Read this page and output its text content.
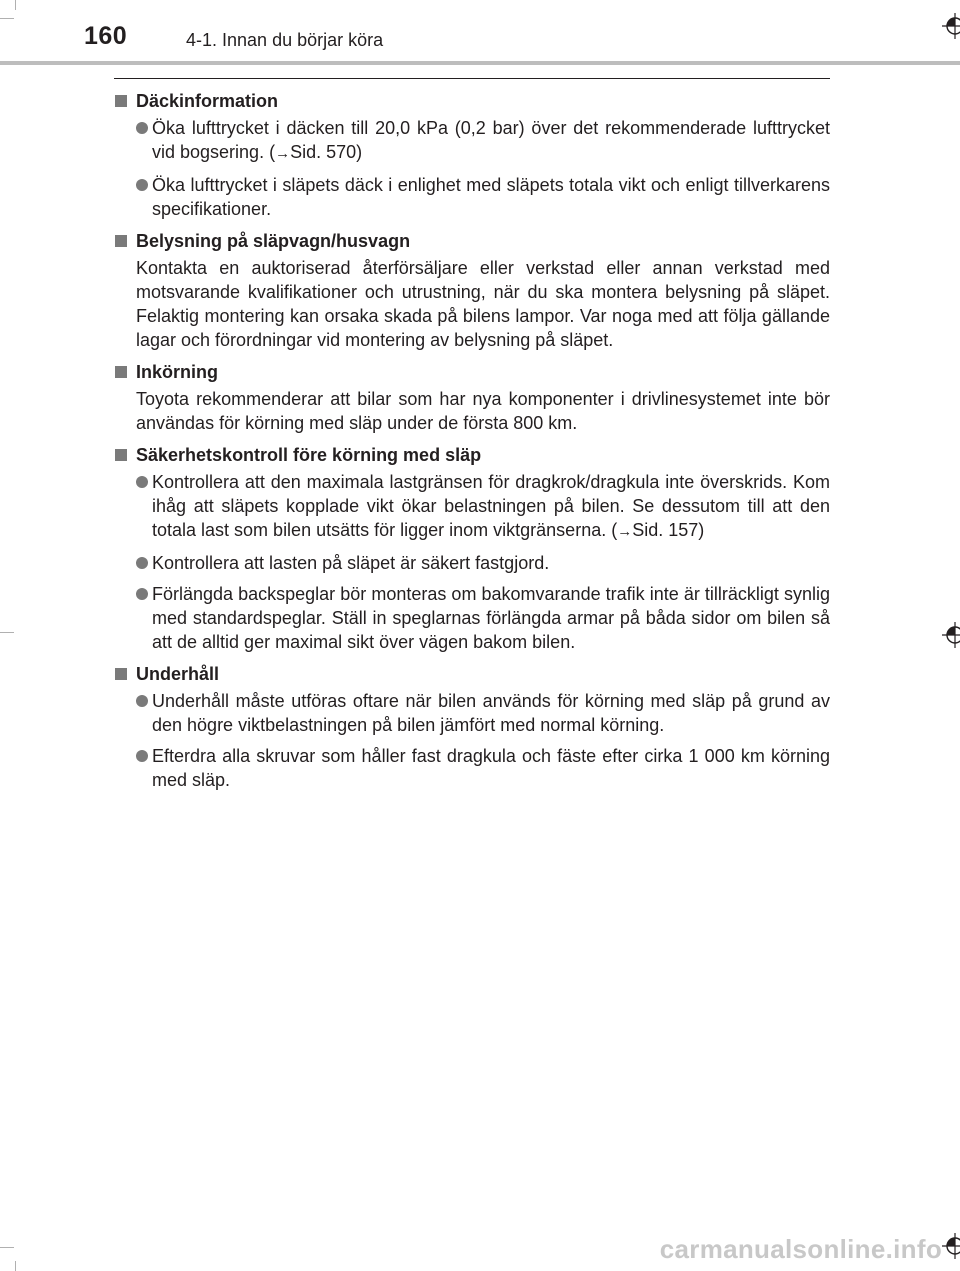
160	4-1. Innan du börjar köra
Däckinformation
Öka lufttrycket i däcken till 20,0 kPa (0,2 bar) över det rekommenderade lufttrycket vid bogsering. (→Sid. 570)
Öka lufttrycket i släpets däck i enlighet med släpets totala vikt och enligt tillverkarens specifikationer.
Belysning på släpvagn/husvagn
Kontakta en auktoriserad återförsäljare eller verkstad eller annan verkstad med motsvarande kvalifikationer och utrustning, när du ska montera belysning på släpet. Felaktig montering kan orsaka skada på bilens lampor. Var noga med att följa gällande lagar och förordningar vid montering av belysning på släpet.
Inkörning
Toyota rekommenderar att bilar som har nya komponenter i drivlinesystemet inte bör användas för körning med släp under de första 800 km.
Säkerhetskontroll före körning med släp
Kontrollera att den maximala lastgränsen för dragkrok/dragkula inte överskrids. Kom ihåg att släpets kopplade vikt ökar belastningen på bilen. Se dessutom till att den totala last som bilen utsätts för ligger inom viktgränserna. (→Sid. 157)
Kontrollera att lasten på släpet är säkert fastgjord.
Förlängda backspeglar bör monteras om bakomvarande trafik inte är tillräckligt synlig med standardspeglar. Ställ in speglarnas förlängda armar på båda sidor om bilen så att de alltid ger maximal sikt över vägen bakom bilen.
Underhåll
Underhåll måste utföras oftare när bilen används för körning med släp på grund av den högre viktbelastningen på bilen jämfört med normal körning.
Efterdra alla skruvar som håller fast dragkula och fäste efter cirka 1 000 km körning med släp.
carmanualsonline.info
